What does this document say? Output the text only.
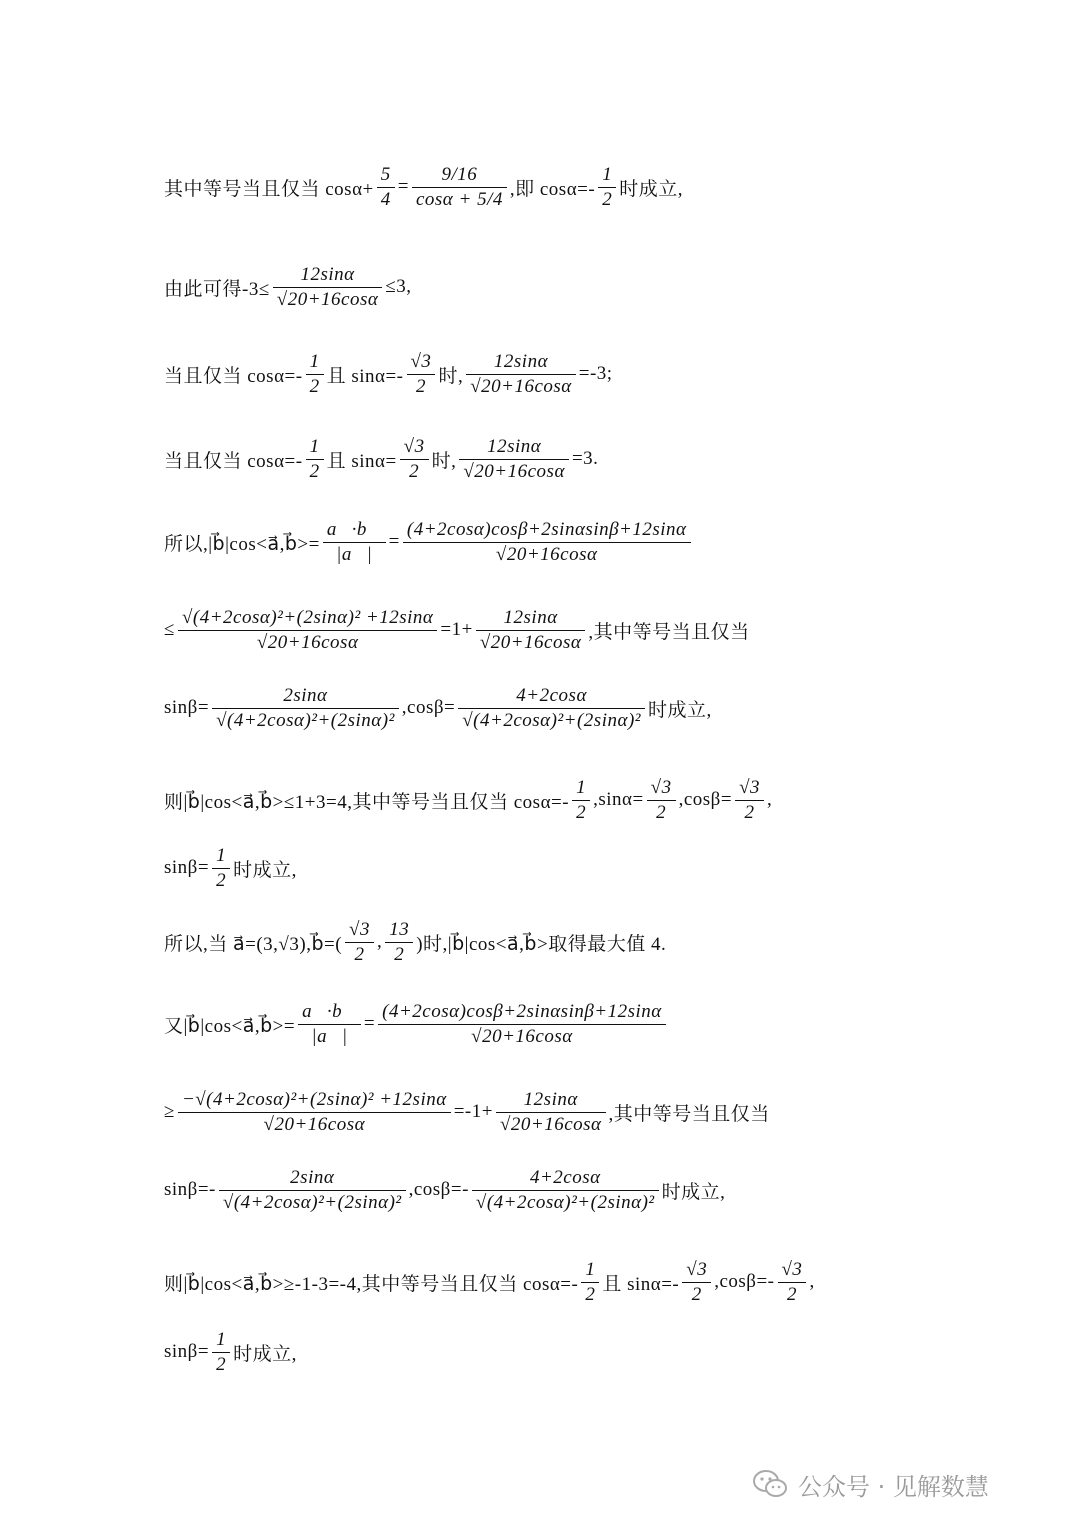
其中等号当且仅当 $\cos\alpha+ \frac{5}{4} = \frac{9/16}{\cos\alpha + 5/4}$ ,即 $\cos\alpha=- \frac{1}{2}$ 时成立,
由此可得$-3\le \frac{12\sin\alpha}{√20+16\cos\alpha} \le 3$,
当且仅当 $\cos\alpha=- \frac{1}{2}$ 且 $\sin\alpha=- \frac{√3}{2}$ 时, $\frac{12\sin\alpha}{√20+16\cos\alpha} =-3$;
当且仅当 $\cos\alpha=- \frac{1}{2}$ 且 $\sin\alpha= \frac{√3}{2}$ 时, $\frac{12\sin\alpha}{√20+16\cos\alpha} =3$.
所以,|b⃗|cos<a⃗,b⃗>= $\frac{a⃗\cdot b⃗}{|a⃗|} = \frac{(4+2\cos\alpha)\cos\beta+2\sin\alpha\sin\beta+12\sin\alpha}{√20+16\cos\alpha}$
≤ $\frac{\text{√(4+2cosα)²+(2sinα)² +12sinα}}{√20+16\cos\alpha} =1+ \frac{12\sin\alpha}{√20+16\cos\alpha}$ ,其中等号当且仅当
$\sin\beta= \frac{2\sin\alpha}{\text{√(4+2cosα)²+(2sinα)²}} ,\cos\beta= \frac{4+2\cos\alpha}{\text{√(4+2cosα)²+(2sinα)²}}$ 时成立,
则|b⃗|cos<a⃗,b⃗>≤1+3=4,其中等号当且仅当 $\cos\alpha=- \frac{1}{2} ,\sin\alpha= \frac{√3}{2} ,\cos\beta= \frac{√3}{2}$ ,
$\sin\beta= \frac{1}{2}$ 时成立,
所以,当 a⃗=(3,√3),b⃗=( $\frac{√3}{2}$ , $\frac{13}{2}$ )时,|b⃗|cos<a⃗,b⃗>取得最大值 4.
又|b⃗|cos<a⃗,b⃗>= $\frac{a⃗\cdot b⃗}{|a⃗|} = \frac{(4+2\cos\alpha)\cos\beta+2\sin\alpha\sin\beta+12\sin\alpha}{√20+16\cos\alpha}$
≥ $\frac{\text{−√(4+2cosα)²+(2sinα)² +12sinα}}{√20+16\cos\alpha} =-1+ \frac{12\sin\alpha}{√20+16\cos\alpha}$ ,其中等号当且仅当
$\sin\beta=- \frac{2\sin\alpha}{\text{√(4+2cosα)²+(2sinα)²}} ,\cos\beta=- \frac{4+2\cos\alpha}{\text{√(4+2cosα)²+(2sinα)²}}$ 时成立,
则|b⃗|cos<a⃗,b⃗>≥-1-3=-4,其中等号当且仅当 $\cos\alpha=- \frac{1}{2}$ 且 $\sin\alpha=- \frac{√3}{2} ,\cos\beta=- \frac{√3}{2}$ ,
$\sin\beta= \frac{1}{2}$ 时成立,
公众号 · 见解数慧
